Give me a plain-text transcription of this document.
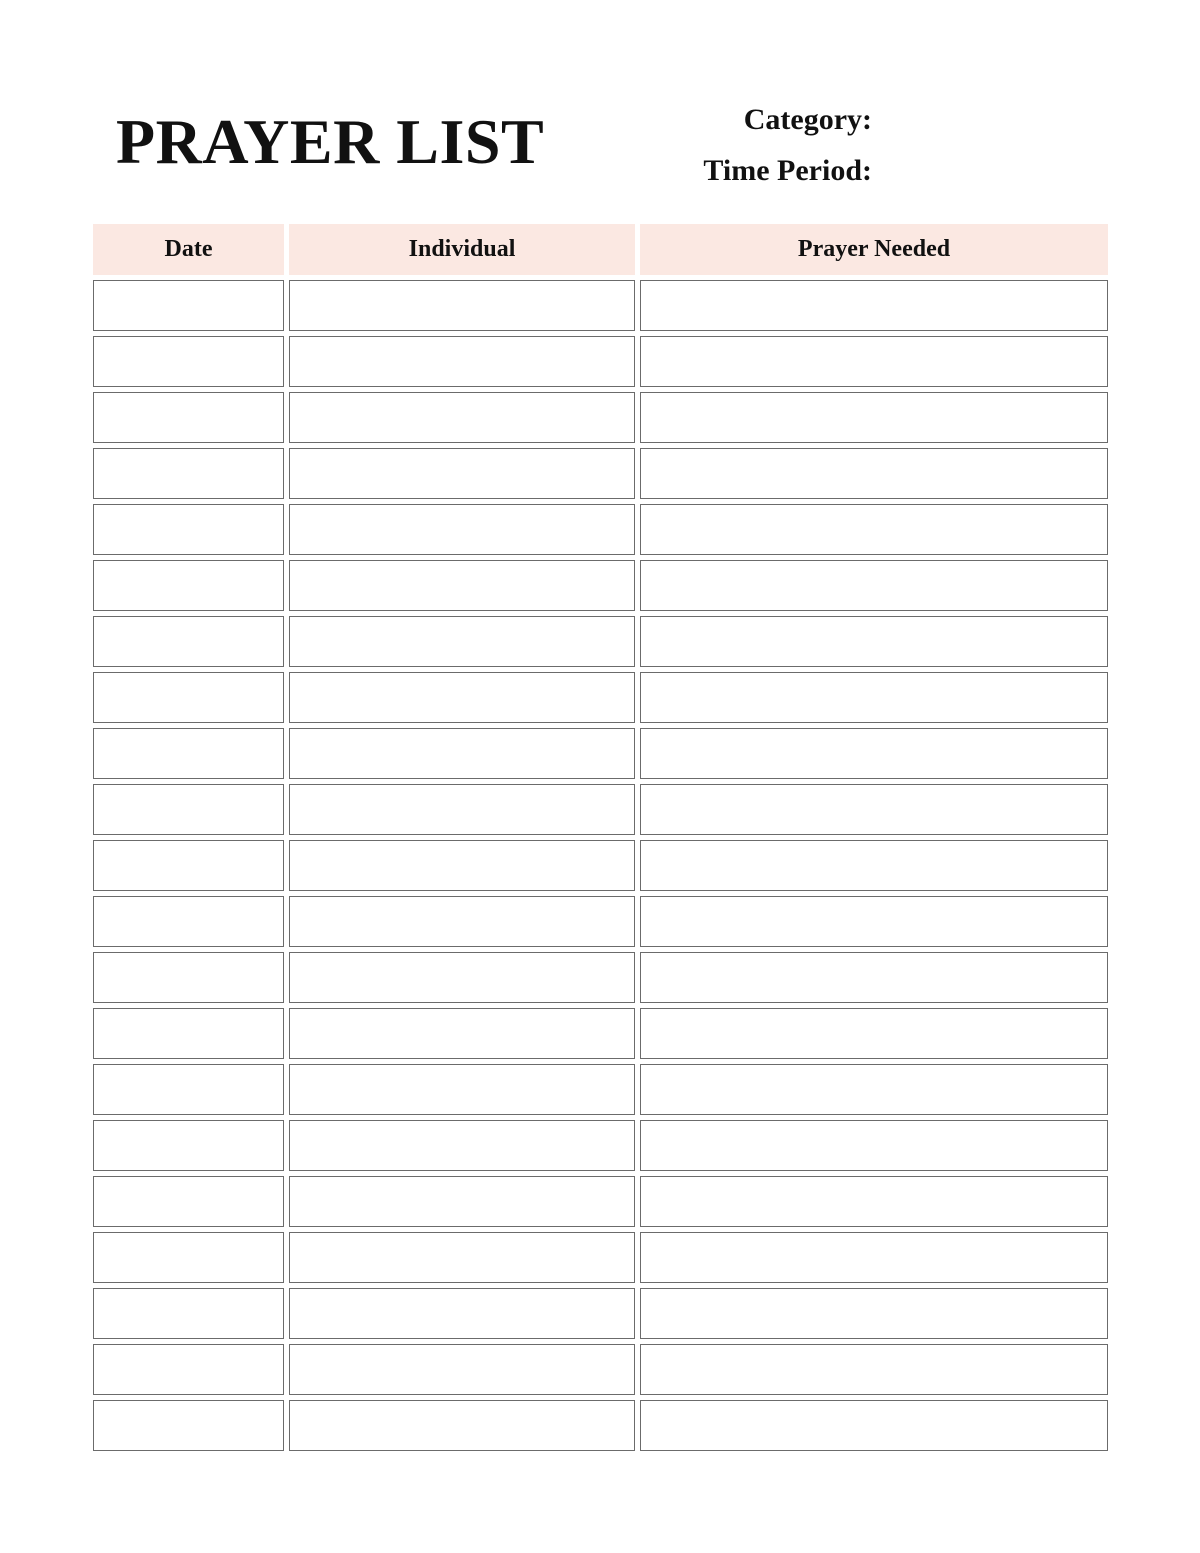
PRAYER LIST	Category:

Time Period:

Date	Individual	Prayer Needed
